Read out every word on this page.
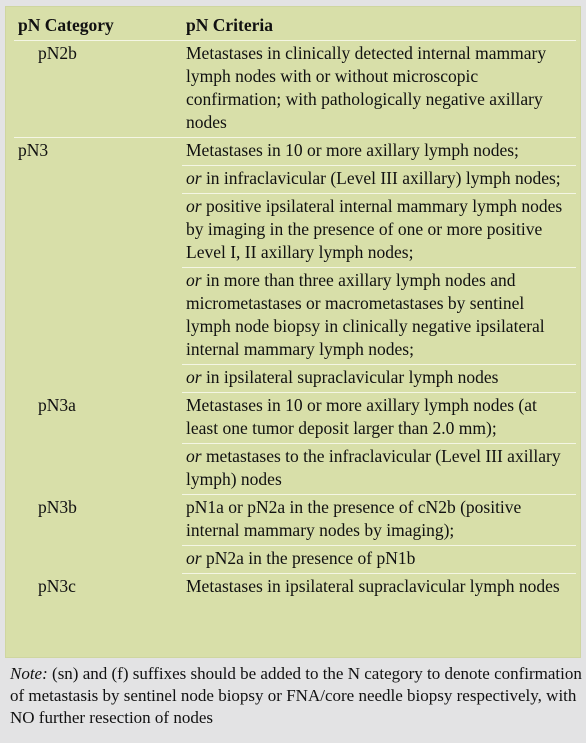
pN Category	pN Criteria
pN2b	Metastases in clinically detected internal mammary lymph nodes with or without microscopic confirmation; with pathologically negative axillary nodes
pN3	Metastases in 10 or more axillary lymph nodes;
	or in infraclavicular (Level III axillary) lymph nodes;
	or positive ipsilateral internal mammary lymph nodes by imaging in the presence of one or more positive Level I, II axillary lymph nodes;
	or in more than three axillary lymph nodes and micrometastases or macrometastases by sentinel lymph node biopsy in clinically negative ipsilateral internal mammary lymph nodes;
	or in ipsilateral supraclavicular lymph nodes
pN3a	Metastases in 10 or more axillary lymph nodes (at least one tumor deposit larger than 2.0 mm);
	or metastases to the infraclavicular (Level III axillary lymph) nodes
pN3b	pN1a or pN2a in the presence of cN2b (positive internal mammary nodes by imaging);
	or pN2a in the presence of pN1b
pN3c	Metastases in ipsilateral supraclavicular lymph nodes
Note: (sn) and (f) suffixes should be added to the N category to denote confirmation of metastasis by sentinel node biopsy or FNA/core needle biopsy respectively, with NO further resection of nodes
